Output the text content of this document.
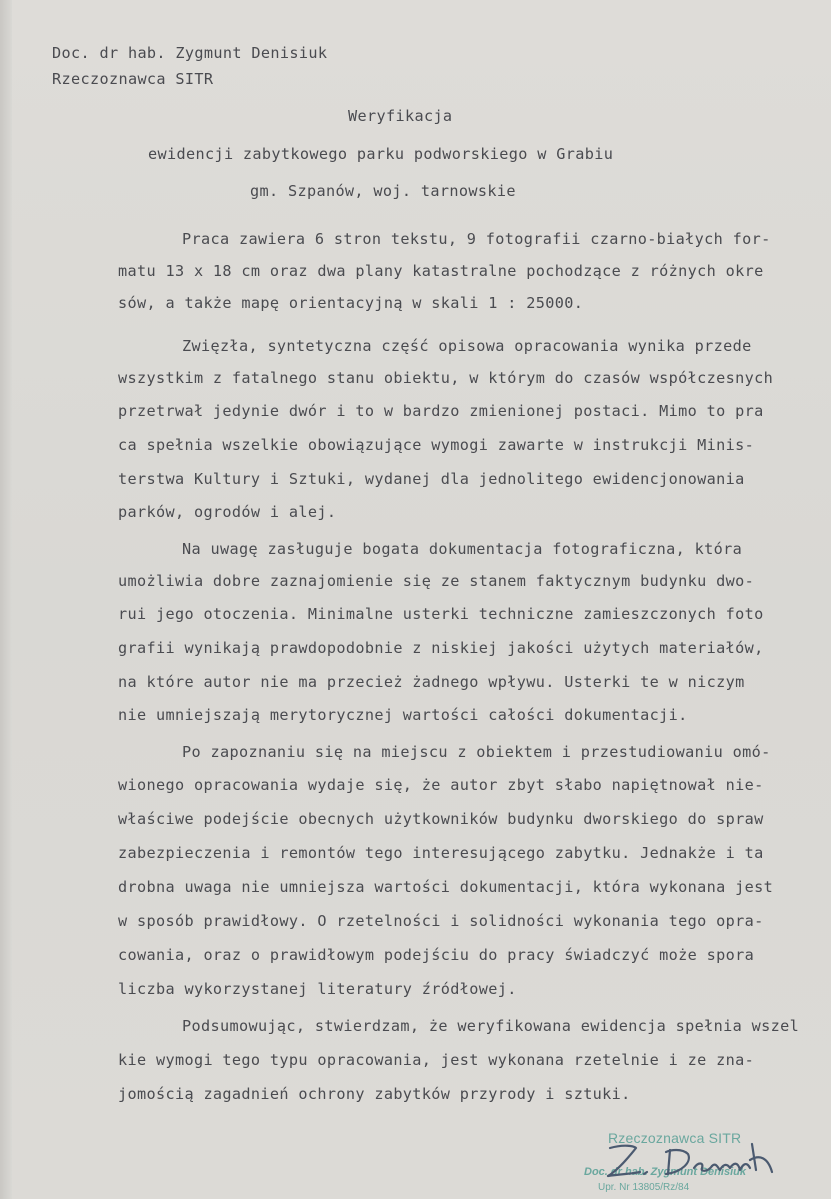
Doc. dr hab. Zygmunt Denisiuk
Rzeczoznawca SITR
Weryfikacja
ewidencji zabytkowego parku podworskiego w Grabiu
gm. Szpanów, woj. tarnowskie
Praca zawiera 6 stron tekstu, 9 fotografii czarno-białych for-
matu 13 x 18 cm oraz dwa plany katastralne pochodzące z różnych okre
sów, a także mapę orientacyjną w skali 1 : 25000.
Zwięzła, syntetyczna część opisowa opracowania wynika przede
wszystkim z fatalnego stanu obiektu, w którym do czasów współczesnych
przetrwał jedynie dwór i to w bardzo zmienionej postaci. Mimo to pra
ca spełnia wszelkie obowiązujące wymogi zawarte w instrukcji Minis-
terstwa Kultury i Sztuki, wydanej dla jednolitego ewidencjonowania
parków, ogrodów i alej.
Na uwagę zasługuje bogata dokumentacja fotograficzna, która
umożliwia dobre zaznajomienie się ze stanem faktycznym budynku dwo-
rui jego otoczenia. Minimalne usterki techniczne zamieszczonych foto
grafii wynikają prawdopodobnie z niskiej jakości użytych materiałów,
na które autor nie ma przecież żadnego wpływu. Usterki te w niczym
nie umniejszają merytorycznej wartości całości dokumentacji.
Po zapoznaniu się na miejscu z obiektem i przestudiowaniu omó-
wionego opracowania wydaje się, że autor zbyt słabo napiętnował nie-
właściwe podejście obecnych użytkowników budynku dworskiego do spraw
zabezpieczenia i remontów tego interesującego zabytku. Jednakże i ta
drobna uwaga nie umniejsza wartości dokumentacji, która wykonana jest
w sposób prawidłowy. O rzetelności i solidności wykonania tego opra-
cowania, oraz o prawidłowym podejściu do pracy świadczyć może spora
liczba wykorzystanej literatury źródłowej.
Podsumowując, stwierdzam, że weryfikowana ewidencja spełnia wszel
kie wymogi tego typu opracowania, jest wykonana rzetelnie i ze zna-
jomością zagadnień ochrony zabytków przyrody i sztuki.
Rzeczoznawca SITR
Doc. dr hab. Zygmunt Denisiuk
Upr. Nr 13805/Rz/84
